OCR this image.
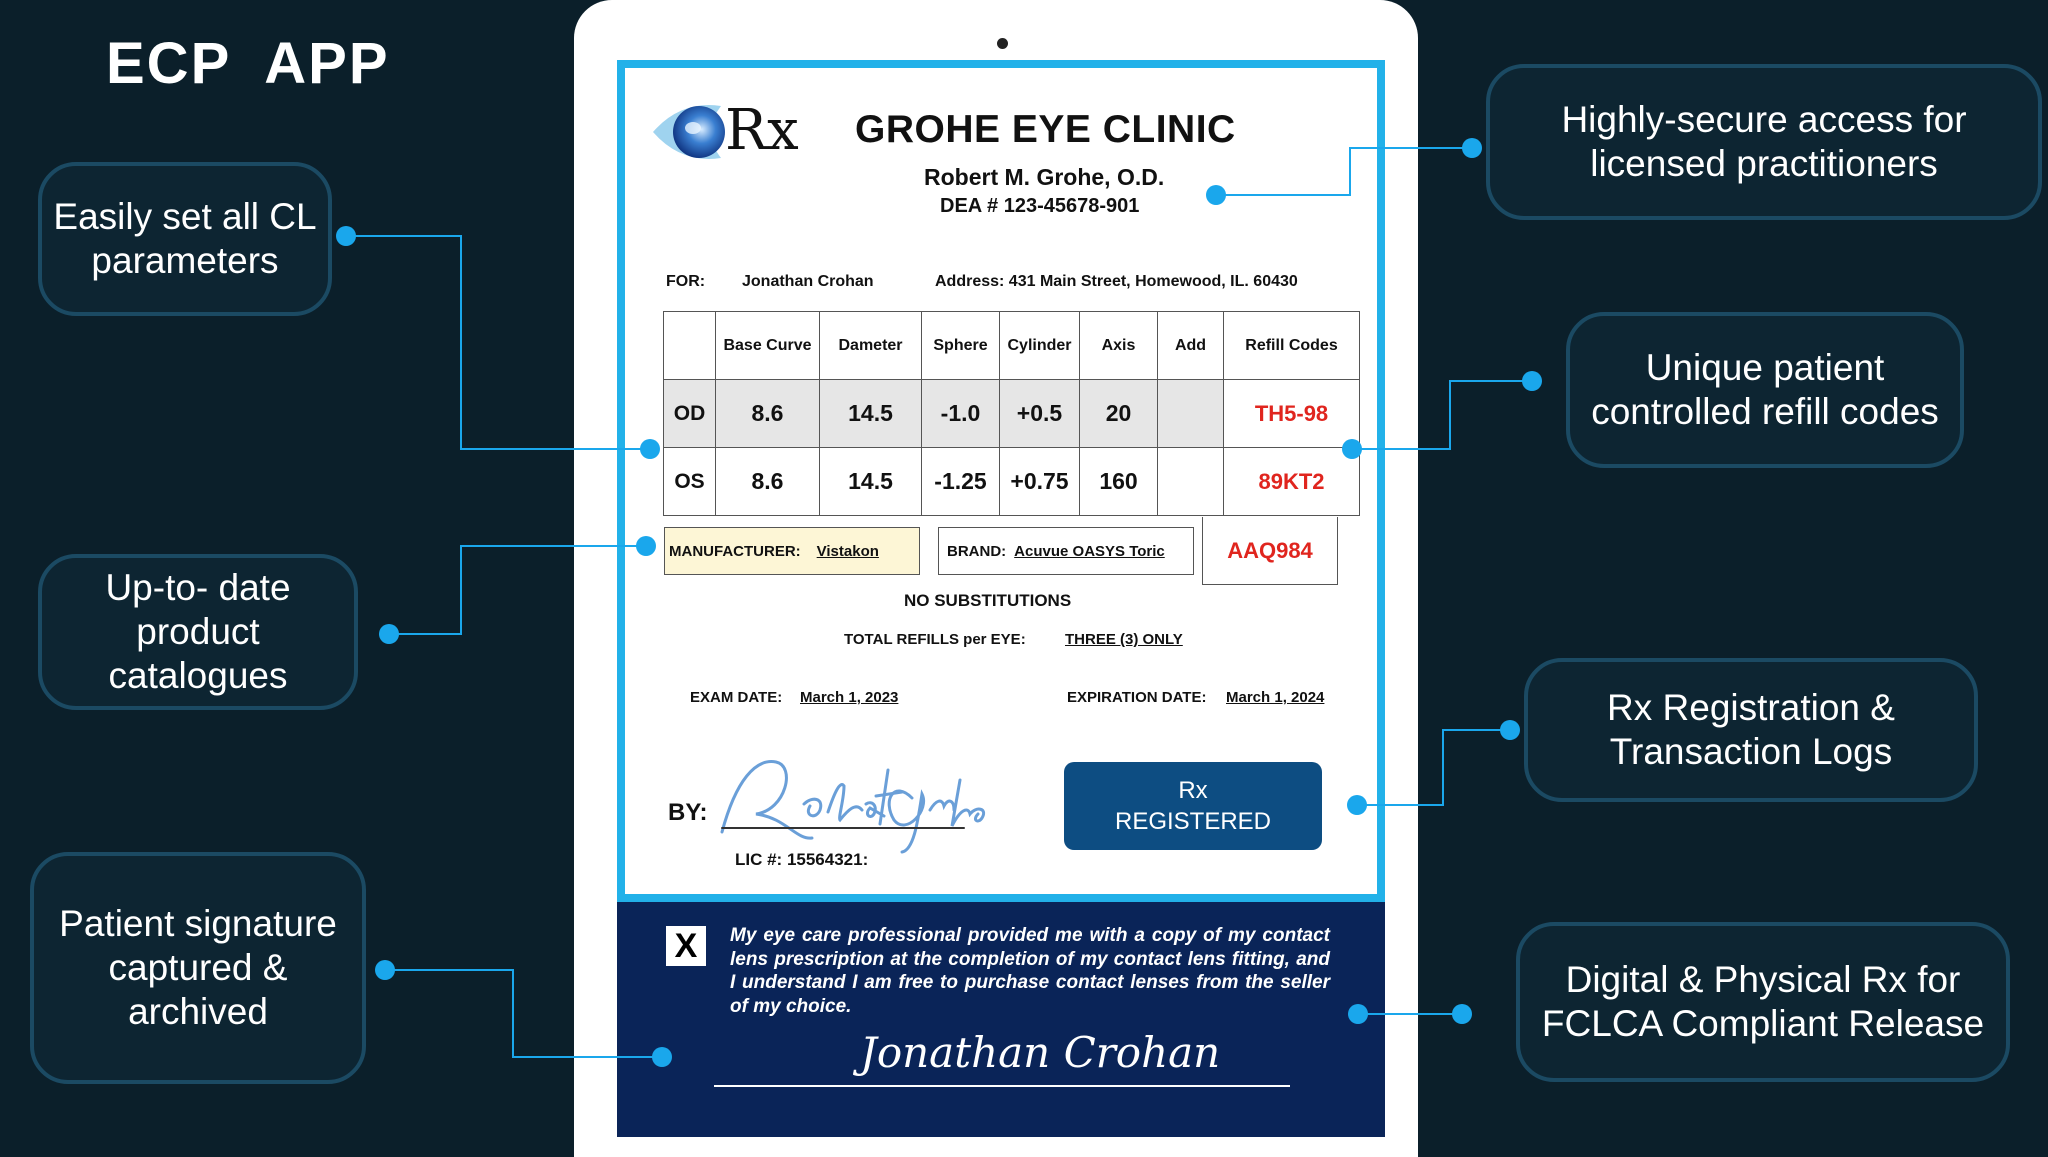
ECP  APP
Easily set all CL
parameters
Up-to- date
product
catalogues
Patient signature
captured &
archived
Highly-secure access for
licensed practitioners
Unique patient
controlled refill codes
Rx Registration &
Transaction Logs
Digital & Physical Rx for
FCLCA Compliant Release
Rx GROHE EYE CLINIC
Robert M. Grohe, O.D.
DEA # 123-45678-901
FOR: Jonathan Crohan	Address: 431 Main Street, Homewood, IL. 60430
	Base Curve	Dameter	Sphere	Cylinder	Axis	Add	Refill Codes
OD	8.6	14.5	-1.0	+0.5	20		TH5-98
OS	8.6	14.5	-1.25	+0.75	160		89KT2
MANUFACTURER: Vistakon	BRAND: Acuvue OASYS Toric	AAQ984
NO SUBSTITUTIONS
TOTAL REFILLS per EYE:	THREE (3) ONLY
EXAM DATE: March 1, 2023	EXPIRATION DATE: March 1, 2024
BY:
LIC #: 15564321:
Rx
REGISTERED
X	My eye care professional provided me with a copy of my contact lens prescription at the completion of my contact lens fitting, and I understand I am free to purchase contact lenses from the seller of my choice.
Jonathan Crohan
